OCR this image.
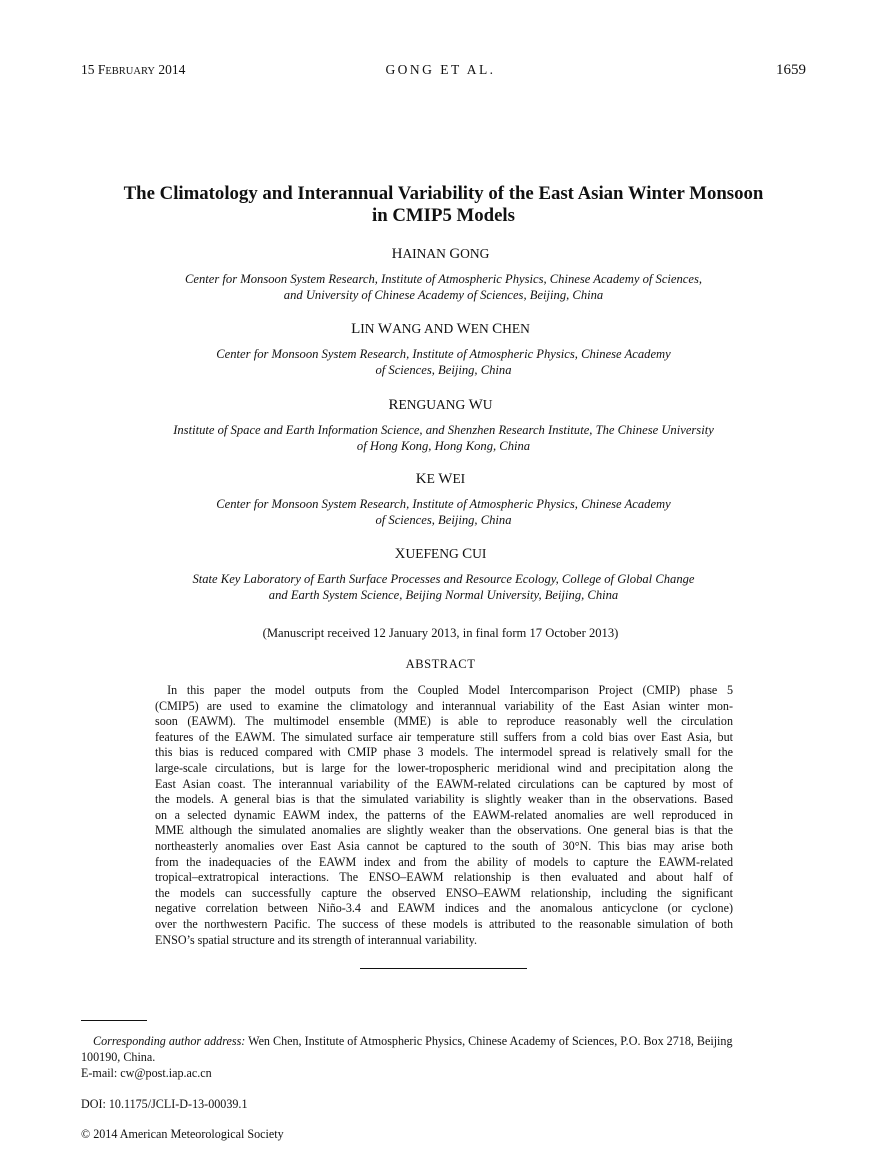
15 FEBRUARY 2014	GONG ET AL.	1659
The Climatology and Interannual Variability of the East Asian Winter Monsoon
in CMIP5 Models
HAINAN GONG
Center for Monsoon System Research, Institute of Atmospheric Physics, Chinese Academy of Sciences,
and University of Chinese Academy of Sciences, Beijing, China
LIN WANG AND WEN CHEN
Center for Monsoon System Research, Institute of Atmospheric Physics, Chinese Academy
of Sciences, Beijing, China
RENGUANG WU
Institute of Space and Earth Information Science, and Shenzhen Research Institute, The Chinese University
of Hong Kong, Hong Kong, China
KE WEI
Center for Monsoon System Research, Institute of Atmospheric Physics, Chinese Academy
of Sciences, Beijing, China
XUEFENG CUI
State Key Laboratory of Earth Surface Processes and Resource Ecology, College of Global Change
and Earth System Science, Beijing Normal University, Beijing, China
(Manuscript received 12 January 2013, in final form 17 October 2013)
ABSTRACT
 In this paper the model outputs from the Coupled Model Intercomparison Project (CMIP) phase 5
(CMIP5) are used to examine the climatology and interannual variability of the East Asian winter mon-
soon (EAWM). The multimodel ensemble (MME) is able to reproduce reasonably well the circulation
features of the EAWM. The simulated surface air temperature still suffers from a cold bias over East Asia, but
this bias is reduced compared with CMIP phase 3 models. The intermodel spread is relatively small for the
large-scale circulations, but is large for the lower-tropospheric meridional wind and precipitation along the
East Asian coast. The interannual variability of the EAWM-related circulations can be captured by most of
the models. A general bias is that the simulated variability is slightly weaker than in the observations. Based
on a selected dynamic EAWM index, the patterns of the EAWM-related anomalies are well reproduced in
MME although the simulated anomalies are slightly weaker than the observations. One general bias is that the
northeasterly anomalies over East Asia cannot be captured to the south of 30°N. This bias may arise both
from the inadequacies of the EAWM index and from the ability of models to capture the EAWM-related
tropical–extratropical interactions. The ENSO–EAWM relationship is then evaluated and about half of
the models can successfully capture the observed ENSO–EAWM relationship, including the significant
negative correlation between Niño-3.4 and EAWM indices and the anomalous anticyclone (or cyclone)
over the northwestern Pacific. The success of these models is attributed to the reasonable simulation of both
ENSO’s spatial structure and its strength of interannual variability.
Corresponding author address: Wen Chen, Institute of Atmospheric Physics, Chinese Academy of Sciences, P.O. Box 2718, Beijing
100190, China.
E-mail: cw@post.iap.ac.cn
DOI: 10.1175/JCLI-D-13-00039.1
© 2014 American Meteorological Society
